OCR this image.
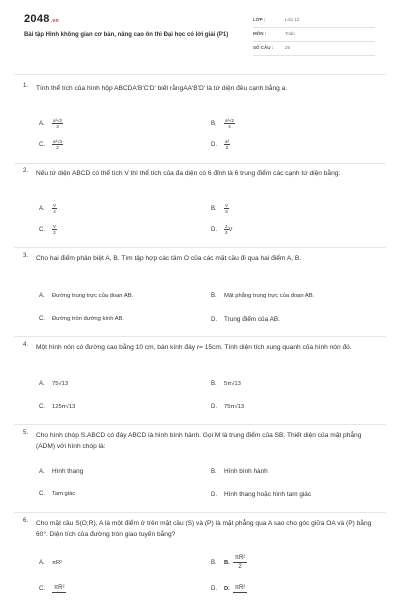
2048.vn
Bài tập Hình không gian cơ bản, nâng cao ôn thi Đại học có lời giải (P1)
LỚP :	Lớp 12
MÔN :	Toán
SỐ CÂU :	25
1. Tính thể tích của hình hộp ABCDA'B'C'D' biết rằngAA'B'D' là tứ diện đều cạnh bằng a.
A. $\frac{\text{a³√2}}{3}$	B. $\frac{\text{a³√2}}{4}$
C. $\frac{\text{a³√3}}{2}$	D. $\frac{\text{a³}}{2}$
2. Nếu tứ diện ABCD có thể tích V thì thể tích của đa diện có 6 đỉnh là 6 trung điểm các cạnh tứ diện bằng:
A. $\frac{V}{4}$	B. $\frac{V}{3}$
C. $\frac{V}{2}$	D. $\frac{2}{3}$ V
3. Cho hai điểm phân biệt A, B. Tìm tập hợp các tâm O của các mặt cầu đi qua hai điểm A, B.
A. Đường trung trực của đoạn AB.	B. Mặt phẳng trung trực của đoạn AB.
C. Đường tròn đường kính AB.	D. Trung điểm của AB.
4. Một hình nón có đường cao bằng 10 cm, bán kính đáy r= 15cm. Tính diện tích xung quanh của hình nón đó.
A. 75√13	B. 5π√13
C. 125π√13	D. 75π√13
5. Cho hình chóp S.ABCD có đáy ABCD là hình bình hành. Gọi M là trung điểm của SB. Thiết diện của mặt phẳng (ADM) với hình chóp là:
A. Hình thang	B. Hình bình hành
C. Tam giác	D. Hình thang hoặc hình tam giác
6. Cho mặt cầu S(O;R), A là một điểm ở trên mặt cầu (S) và (P) là mặt phẳng qua A sao cho góc giữa OA và (P) bằng 60°. Diện tích của đường tròn giao tuyến bằng?
A. πR²	B. B. $\frac{\text{πR²}}{2}$
C.	πR²	D. D. πR²
